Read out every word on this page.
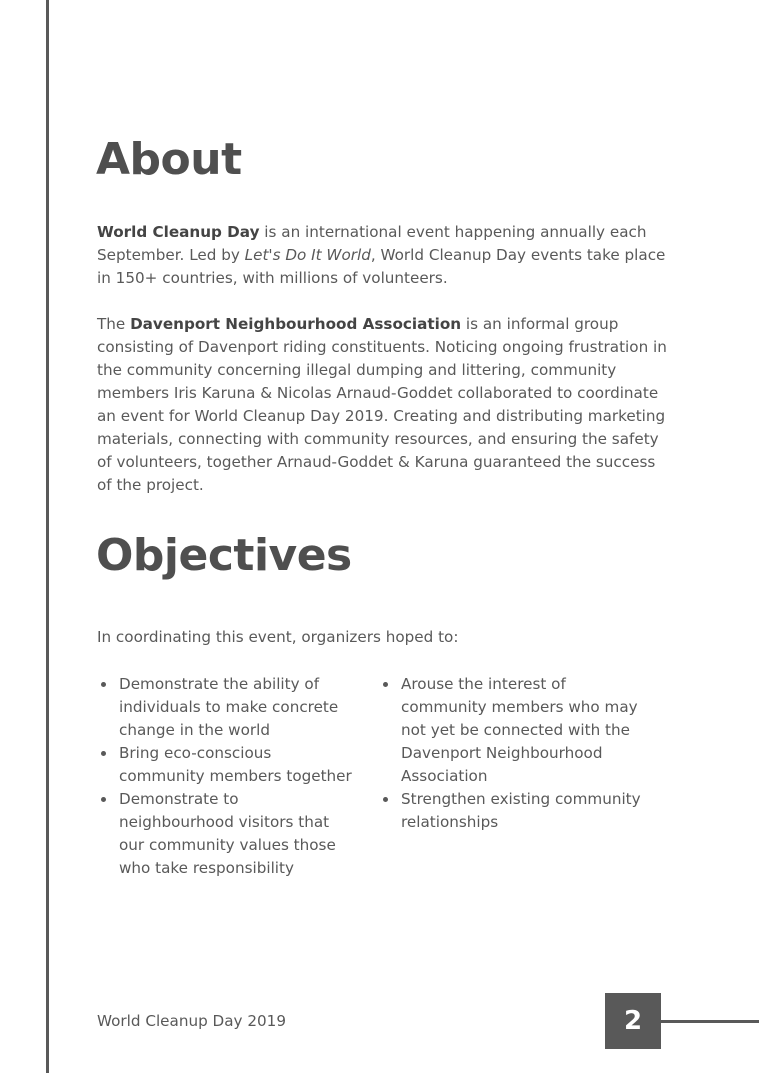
About

World Cleanup Day is an international event happening annually each September. Led by Let's Do It World, World Cleanup Day events take place in 150+ countries, with millions of volunteers.

The Davenport Neighbourhood Association is an informal group consisting of Davenport riding constituents. Noticing ongoing frustration in the community concerning illegal dumping and littering, community members Iris Karuna & Nicolas Arnaud-Goddet collaborated to coordinate an event for World Cleanup Day 2019. Creating and distributing marketing materials, connecting with community resources, and ensuring the safety of volunteers, together Arnaud-Goddet & Karuna guaranteed the success of the project.

Objectives

In coordinating this event, organizers hoped to:

Demonstrate the ability of individuals to make concrete change in the world
Bring eco-conscious community members together
Demonstrate to neighbourhood visitors that our community values those who take responsibility
Arouse the interest of community members who may not yet be connected with the Davenport Neighbourhood Association
Strengthen existing community relationships

World Cleanup Day 2019	2
